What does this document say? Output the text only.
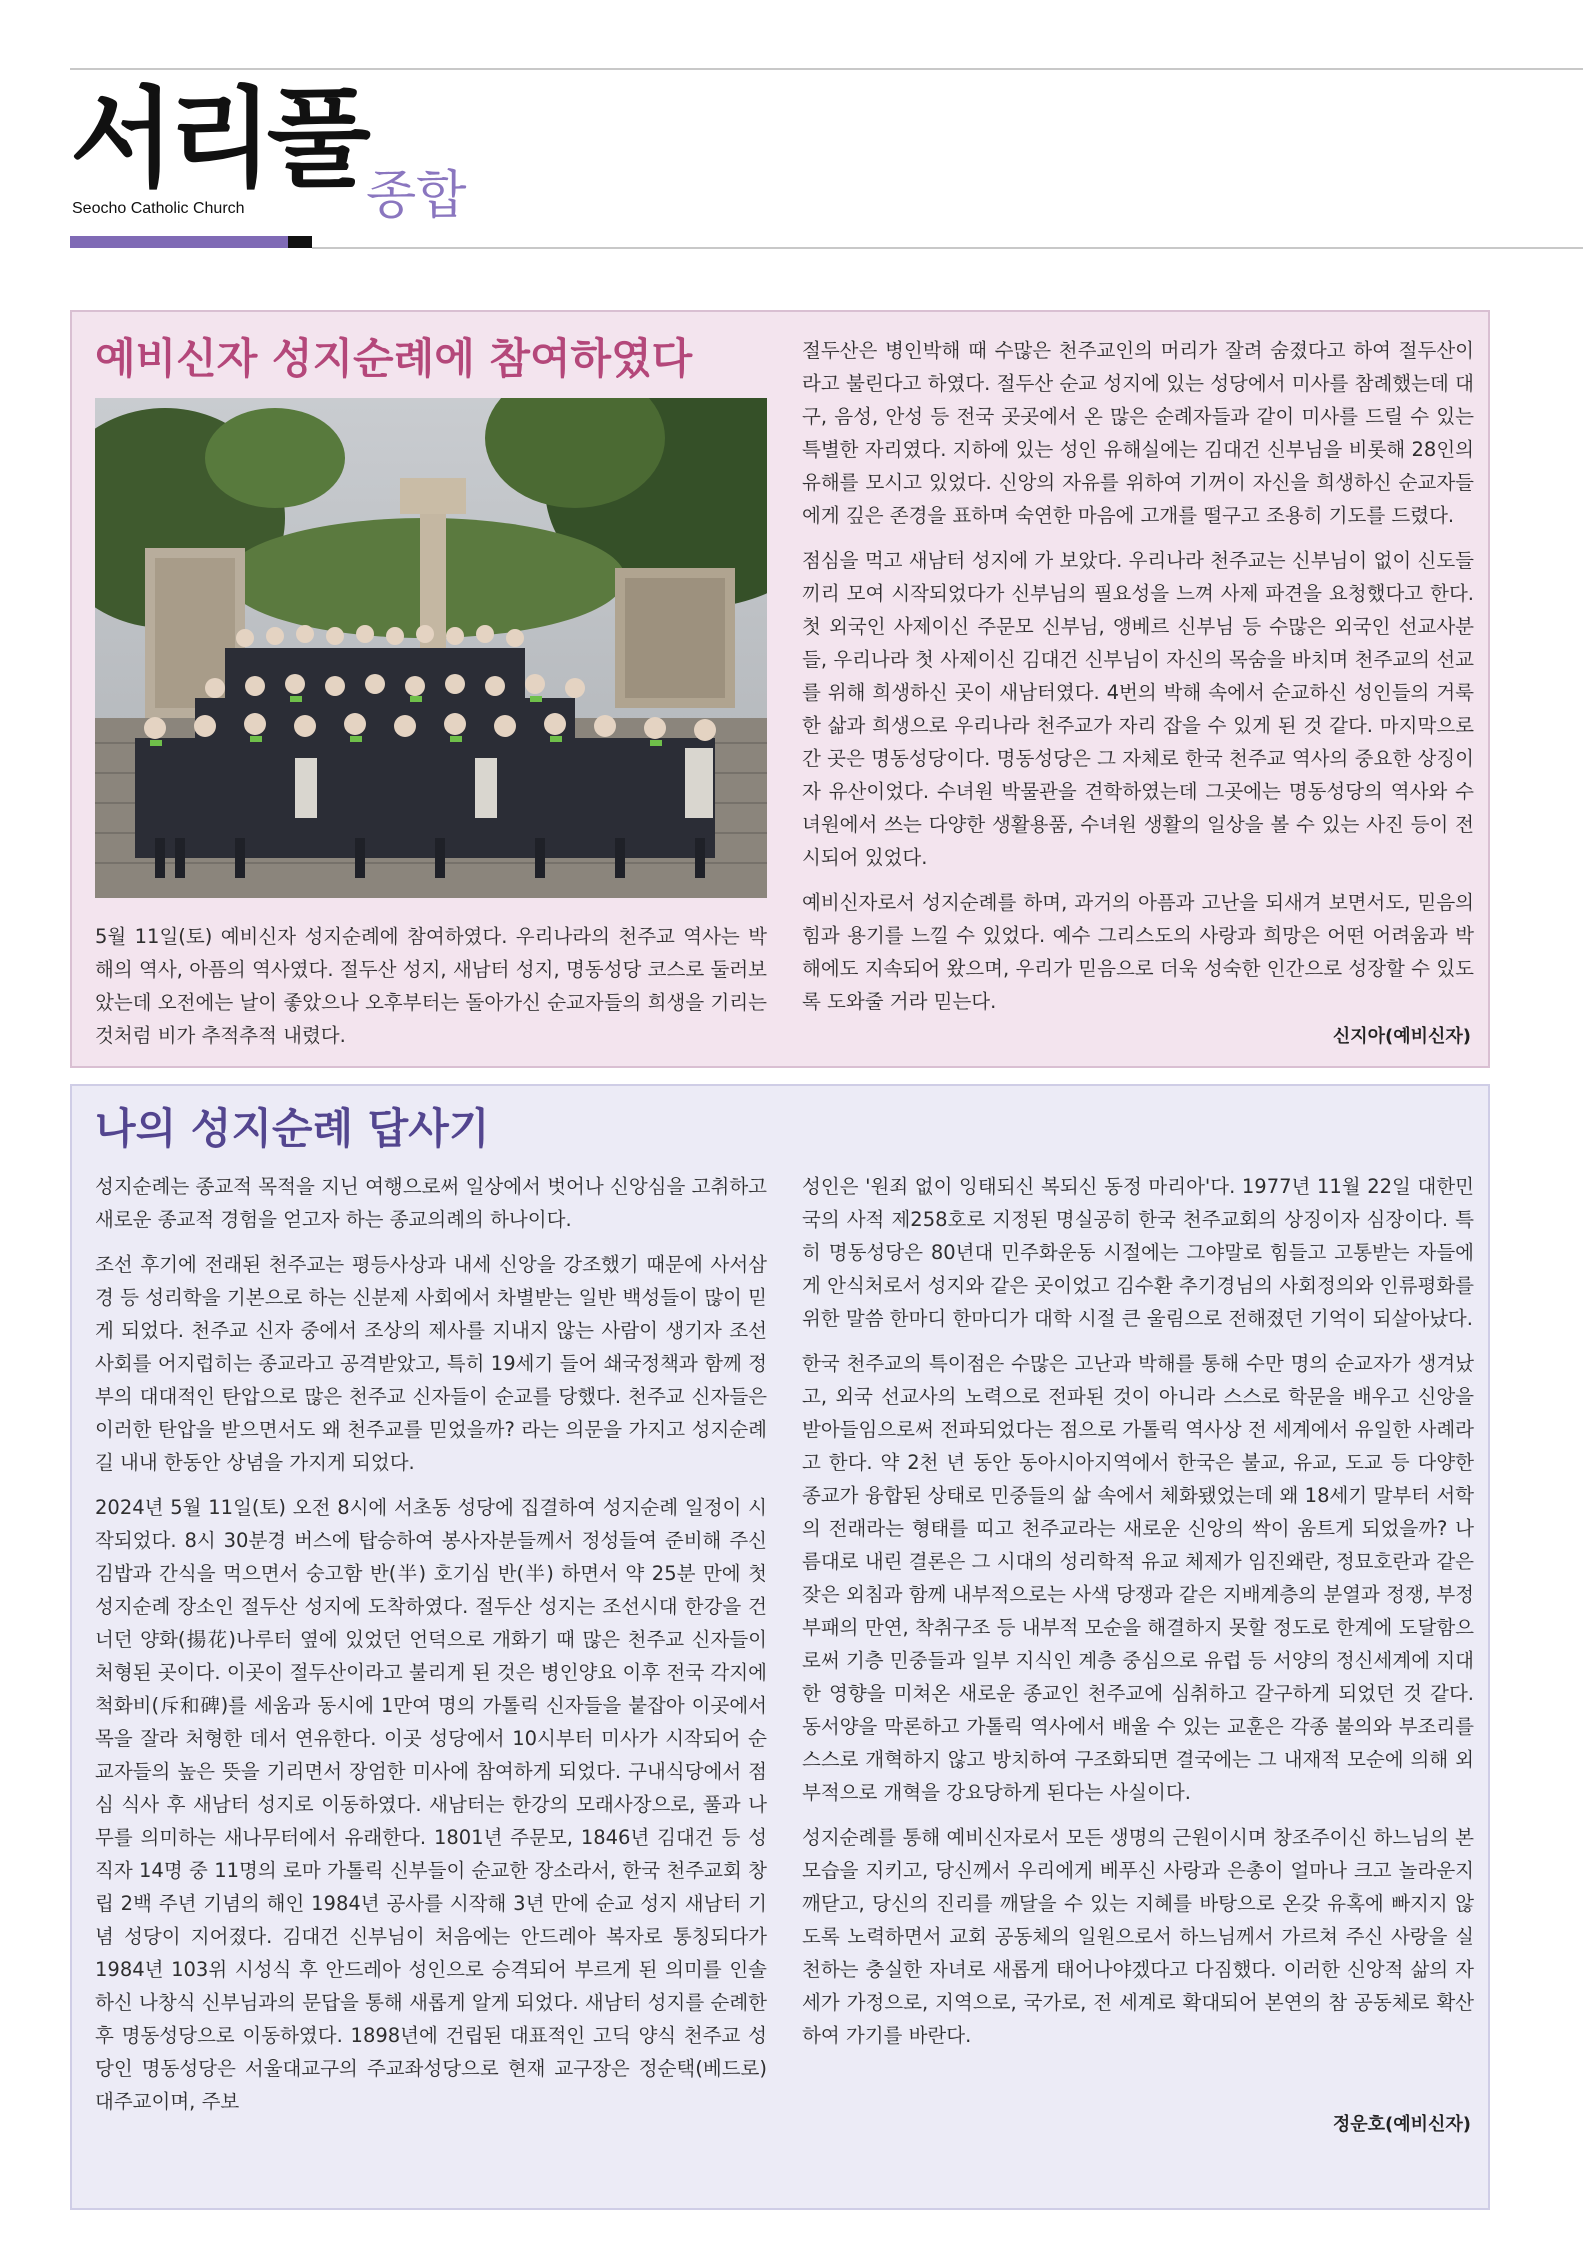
서리풀
Seocho Catholic Church 종합
예비신자 성지순례에 참여하였다

5월 11일(토) 예비신자 성지순례에 참여하였다. 우리나라의 천주교 역사는 박해의 역사, 아픔의 역사였다. 절두산 성지, 새남터 성지, 명동성당 코스로 둘러보았는데 오전에는 날이 좋았으나 오후부터는 돌아가신 순교자들의 희생을 기리는 것처럼 비가 추적추적 내렸다.

절두산은 병인박해 때 수많은 천주교인의 머리가 잘려 숨졌다고 하여 절두산이라고 불린다고 하였다. 절두산 순교 성지에 있는 성당에서 미사를 참례했는데 대구, 음성, 안성 등 전국 곳곳에서 온 많은 순례자들과 같이 미사를 드릴 수 있는 특별한 자리였다. 지하에 있는 성인 유해실에는 김대건 신부님을 비롯해 28인의 유해를 모시고 있었다. 신앙의 자유를 위하여 기꺼이 자신을 희생하신 순교자들에게 깊은 존경을 표하며 숙연한 마음에 고개를 떨구고 조용히 기도를 드렸다.

점심을 먹고 새남터 성지에 가 보았다. 우리나라 천주교는 신부님이 없이 신도들끼리 모여 시작되었다가 신부님의 필요성을 느껴 사제 파견을 요청했다고 한다. 첫 외국인 사제이신 주문모 신부님, 앵베르 신부님 등 수많은 외국인 선교사분들, 우리나라 첫 사제이신 김대건 신부님이 자신의 목숨을 바치며 천주교의 선교를 위해 희생하신 곳이 새남터였다. 4번의 박해 속에서 순교하신 성인들의 거룩한 삶과 희생으로 우리나라 천주교가 자리 잡을 수 있게 된 것 같다. 마지막으로 간 곳은 명동성당이다. 명동성당은 그 자체로 한국 천주교 역사의 중요한 상징이자 유산이었다. 수녀원 박물관을 견학하였는데 그곳에는 명동성당의 역사와 수녀원에서 쓰는 다양한 생활용품, 수녀원 생활의 일상을 볼 수 있는 사진 등이 전시되어 있었다.

예비신자로서 성지순례를 하며, 과거의 아픔과 고난을 되새겨 보면서도, 믿음의 힘과 용기를 느낄 수 있었다. 예수 그리스도의 사랑과 희망은 어떤 어려움과 박해에도 지속되어 왔으며, 우리가 믿음으로 더욱 성숙한 인간으로 성장할 수 있도록 도와줄 거라 믿는다.

신지아(예비신자)
나의 성지순례 답사기

성지순례는 종교적 목적을 지닌 여행으로써 일상에서 벗어나 신앙심을 고취하고 새로운 종교적 경험을 얻고자 하는 종교의례의 하나이다.

조선 후기에 전래된 천주교는 평등사상과 내세 신앙을 강조했기 때문에 사서삼경 등 성리학을 기본으로 하는 신분제 사회에서 차별받는 일반 백성들이 많이 믿게 되었다. 천주교 신자 중에서 조상의 제사를 지내지 않는 사람이 생기자 조선 사회를 어지럽히는 종교라고 공격받았고, 특히 19세기 들어 쇄국정책과 함께 정부의 대대적인 탄압으로 많은 천주교 신자들이 순교를 당했다. 천주교 신자들은 이러한 탄압을 받으면서도 왜 천주교를 믿었을까? 라는 의문을 가지고 성지순례길 내내 한동안 상념을 가지게 되었다.

2024년 5월 11일(토) 오전 8시에 서초동 성당에 집결하여 성지순례 일정이 시작되었다. 8시 30분경 버스에 탑승하여 봉사자분들께서 정성들여 준비해 주신 김밥과 간식을 먹으면서 숭고함 반(半) 호기심 반(半) 하면서 약 25분 만에 첫 성지순례 장소인 절두산 성지에 도착하였다. 절두산 성지는 조선시대 한강을 건너던 양화(揚花)나루터 옆에 있었던 언덕으로 개화기 때 많은 천주교 신자들이 처형된 곳이다. 이곳이 절두산이라고 불리게 된 것은 병인양요 이후 전국 각지에 척화비(斥和碑)를 세움과 동시에 1만여 명의 가톨릭 신자들을 붙잡아 이곳에서 목을 잘라 처형한 데서 연유한다. 이곳 성당에서 10시부터 미사가 시작되어 순교자들의 높은 뜻을 기리면서 장엄한 미사에 참여하게 되었다. 구내식당에서 점심 식사 후 새남터 성지로 이동하였다. 새남터는 한강의 모래사장으로, 풀과 나무를 의미하는 새나무터에서 유래한다. 1801년 주문모, 1846년 김대건 등 성직자 14명 중 11명의 로마 가톨릭 신부들이 순교한 장소라서, 한국 천주교회 창립 2백 주년 기념의 해인 1984년 공사를 시작해 3년 만에 순교 성지 새남터 기념 성당이 지어졌다. 김대건 신부님이 처음에는 안드레아 복자로 통칭되다가 1984년 103위 시성식 후 안드레아 성인으로 승격되어 부르게 된 의미를 인솔하신 나창식 신부님과의 문답을 통해 새롭게 알게 되었다. 새남터 성지를 순례한 후 명동성당으로 이동하였다. 1898년에 건립된 대표적인 고딕 양식 천주교 성당인 명동성당은 서울대교구의 주교좌성당으로 현재 교구장은 정순택(베드로) 대주교이며, 주보

성인은 '원죄 없이 잉태되신 복되신 동정 마리아'다. 1977년 11월 22일 대한민국의 사적 제258호로 지정된 명실공히 한국 천주교회의 상징이자 심장이다. 특히 명동성당은 80년대 민주화운동 시절에는 그야말로 힘들고 고통받는 자들에게 안식처로서 성지와 같은 곳이었고 김수환 추기경님의 사회정의와 인류평화를 위한 말씀 한마디 한마디가 대학 시절 큰 울림으로 전해졌던 기억이 되살아났다.

한국 천주교의 특이점은 수많은 고난과 박해를 통해 수만 명의 순교자가 생겨났고, 외국 선교사의 노력으로 전파된 것이 아니라 스스로 학문을 배우고 신앙을 받아들임으로써 전파되었다는 점으로 가톨릭 역사상 전 세계에서 유일한 사례라고 한다. 약 2천 년 동안 동아시아지역에서 한국은 불교, 유교, 도교 등 다양한 종교가 융합된 상태로 민중들의 삶 속에서 체화됐었는데 왜 18세기 말부터 서학의 전래라는 형태를 띠고 천주교라는 새로운 신앙의 싹이 움트게 되었을까? 나름대로 내린 결론은 그 시대의 성리학적 유교 체제가 임진왜란, 정묘호란과 같은 잦은 외침과 함께 내부적으로는 사색 당쟁과 같은 지배계층의 분열과 정쟁, 부정부패의 만연, 착취구조 등 내부적 모순을 해결하지 못할 정도로 한계에 도달함으로써 기층 민중들과 일부 지식인 계층 중심으로 유럽 등 서양의 정신세계에 지대한 영향을 미쳐온 새로운 종교인 천주교에 심취하고 갈구하게 되었던 것 같다. 동서양을 막론하고 가톨릭 역사에서 배울 수 있는 교훈은 각종 불의와 부조리를 스스로 개혁하지 않고 방치하여 구조화되면 결국에는 그 내재적 모순에 의해 외부적으로 개혁을 강요당하게 된다는 사실이다.

성지순례를 통해 예비신자로서 모든 생명의 근원이시며 창조주이신 하느님의 본 모습을 지키고, 당신께서 우리에게 베푸신 사랑과 은총이 얼마나 크고 놀라운지 깨닫고, 당신의 진리를 깨달을 수 있는 지혜를 바탕으로 온갖 유혹에 빠지지 않도록 노력하면서 교회 공동체의 일원으로서 하느님께서 가르쳐 주신 사랑을 실천하는 충실한 자녀로 새롭게 태어나야겠다고 다짐했다. 이러한 신앙적 삶의 자세가 가정으로, 지역으로, 국가로, 전 세계로 확대되어 본연의 참 공동체로 확산하여 가기를 바란다.

정운호(예비신자)
